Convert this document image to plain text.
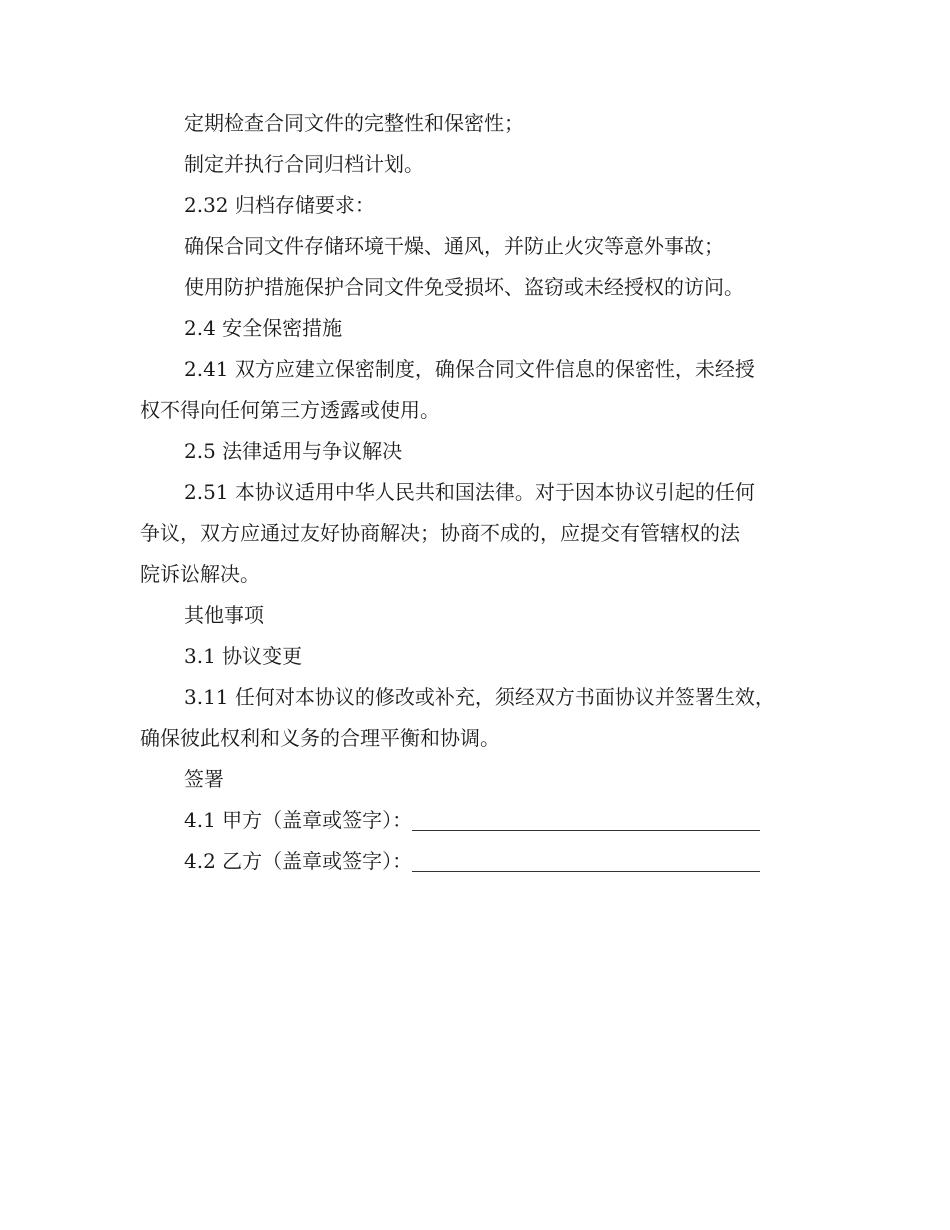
定期检查合同文件的完整性和保密性；

制定并执行合同归档计划。

2.32 归档存储要求：

确保合同文件存储环境干燥、通风，并防止火灾等意外事故；

使用防护措施保护合同文件免受损坏、盗窃或未经授权的访问。

2.4 安全保密措施

2.41 双方应建立保密制度，确保合同文件信息的保密性，未经授

权不得向任何第三方透露或使用。

2.5 法律适用与争议解决

2.51 本协议适用中华人民共和国法律。对于因本协议引起的任何

争议，双方应通过友好协商解决；协商不成的，应提交有管辖权的法

院诉讼解决。

其他事项

3.1 协议变更

3.11 任何对本协议的修改或补充，须经双方书面协议并签署生效，

确保彼此权利和义务的合理平衡和协调。

签署

4.1 甲方（盖章或签字）：

4.2 乙方（盖章或签字）：
